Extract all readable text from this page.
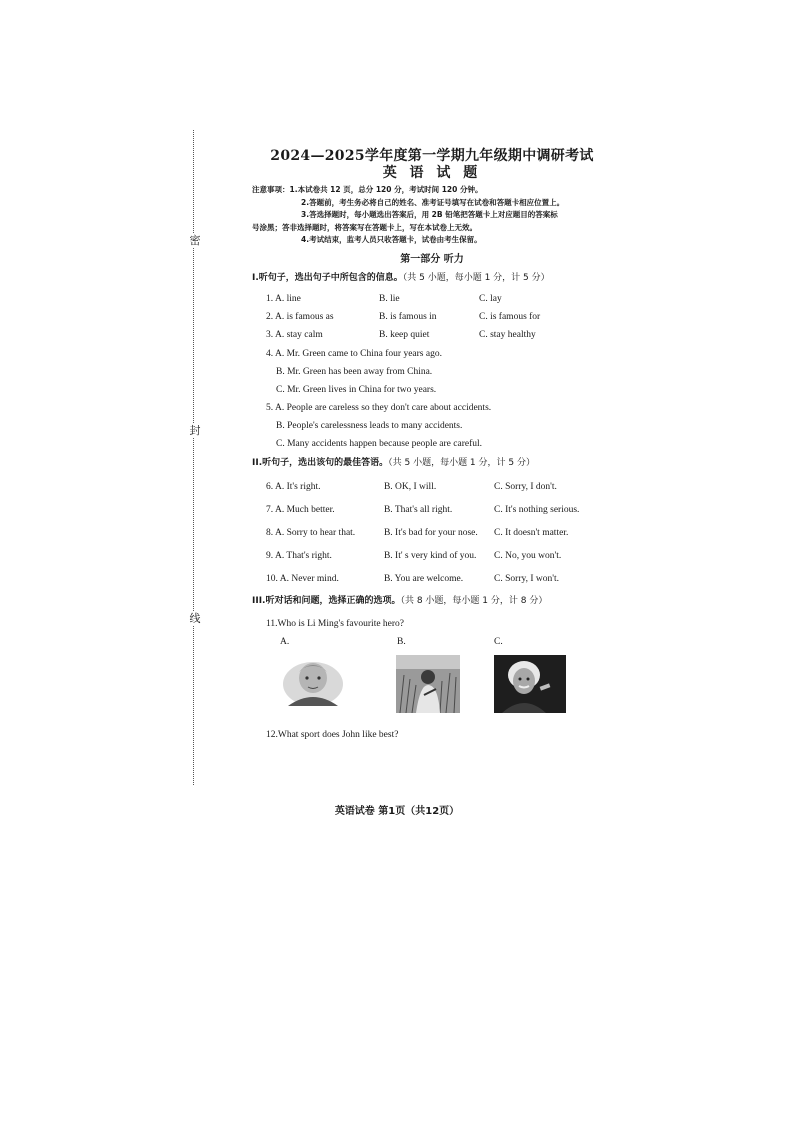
密
封
线
2024—2025学年度第一学期九年级期中调研考试
英 语 试 题
注意事项：1.本试卷共 12 页，总分 120 分，考试时间 120 分钟。
2.答题前，考生务必将自己的姓名、准考证号填写在试卷和答题卡相应位置上。
3.答选择题时，每小题选出答案后，用 2B 铅笔把答题卡上对应题目的答案标
号涂黑；答非选择题时，将答案写在答题卡上，写在本试卷上无效。
4.考试结束，监考人员只收答题卡，试卷由考生保留。
第一部分 听力
I.听句子，选出句子中所包含的信息。（共 5 小题，每小题 1 分，计 5 分）
1. A. line	B. lie	C. lay
2. A. is famous as	B. is famous in	C. is famous for
3. A. stay calm	B. keep quiet	C. stay healthy
4. A. Mr. Green came to China four years ago.
B. Mr. Green has been away from China.
C. Mr. Green lives in China for two years.
5. A. People are careless so they don't care about accidents.
B. People's carelessness leads to many accidents.
C. Many accidents happen because people are careful.
II.听句子，选出该句的最佳答语。（共 5 小题，每小题 1 分，计 5 分）
6. A. It's right.	B. OK, I will.	C. Sorry, I don't.
7. A. Much better.	B. That's all right.	C. It's nothing serious.
8. A. Sorry to hear that.	B. It's bad for your nose.	C. It doesn't matter.
9. A. That's right.	B. It' s very kind of you.	C. No, you won't.
10. A. Never mind.	B. You are welcome.	C. Sorry, I won't.
III.听对话和问题，选择正确的选项。（共 8 小题，每小题 1 分，计 8 分）
11.Who is Li Ming's favourite hero?
A.	B.	C.
12.What sport does John like best?
英语试卷 第1页（共12页）
